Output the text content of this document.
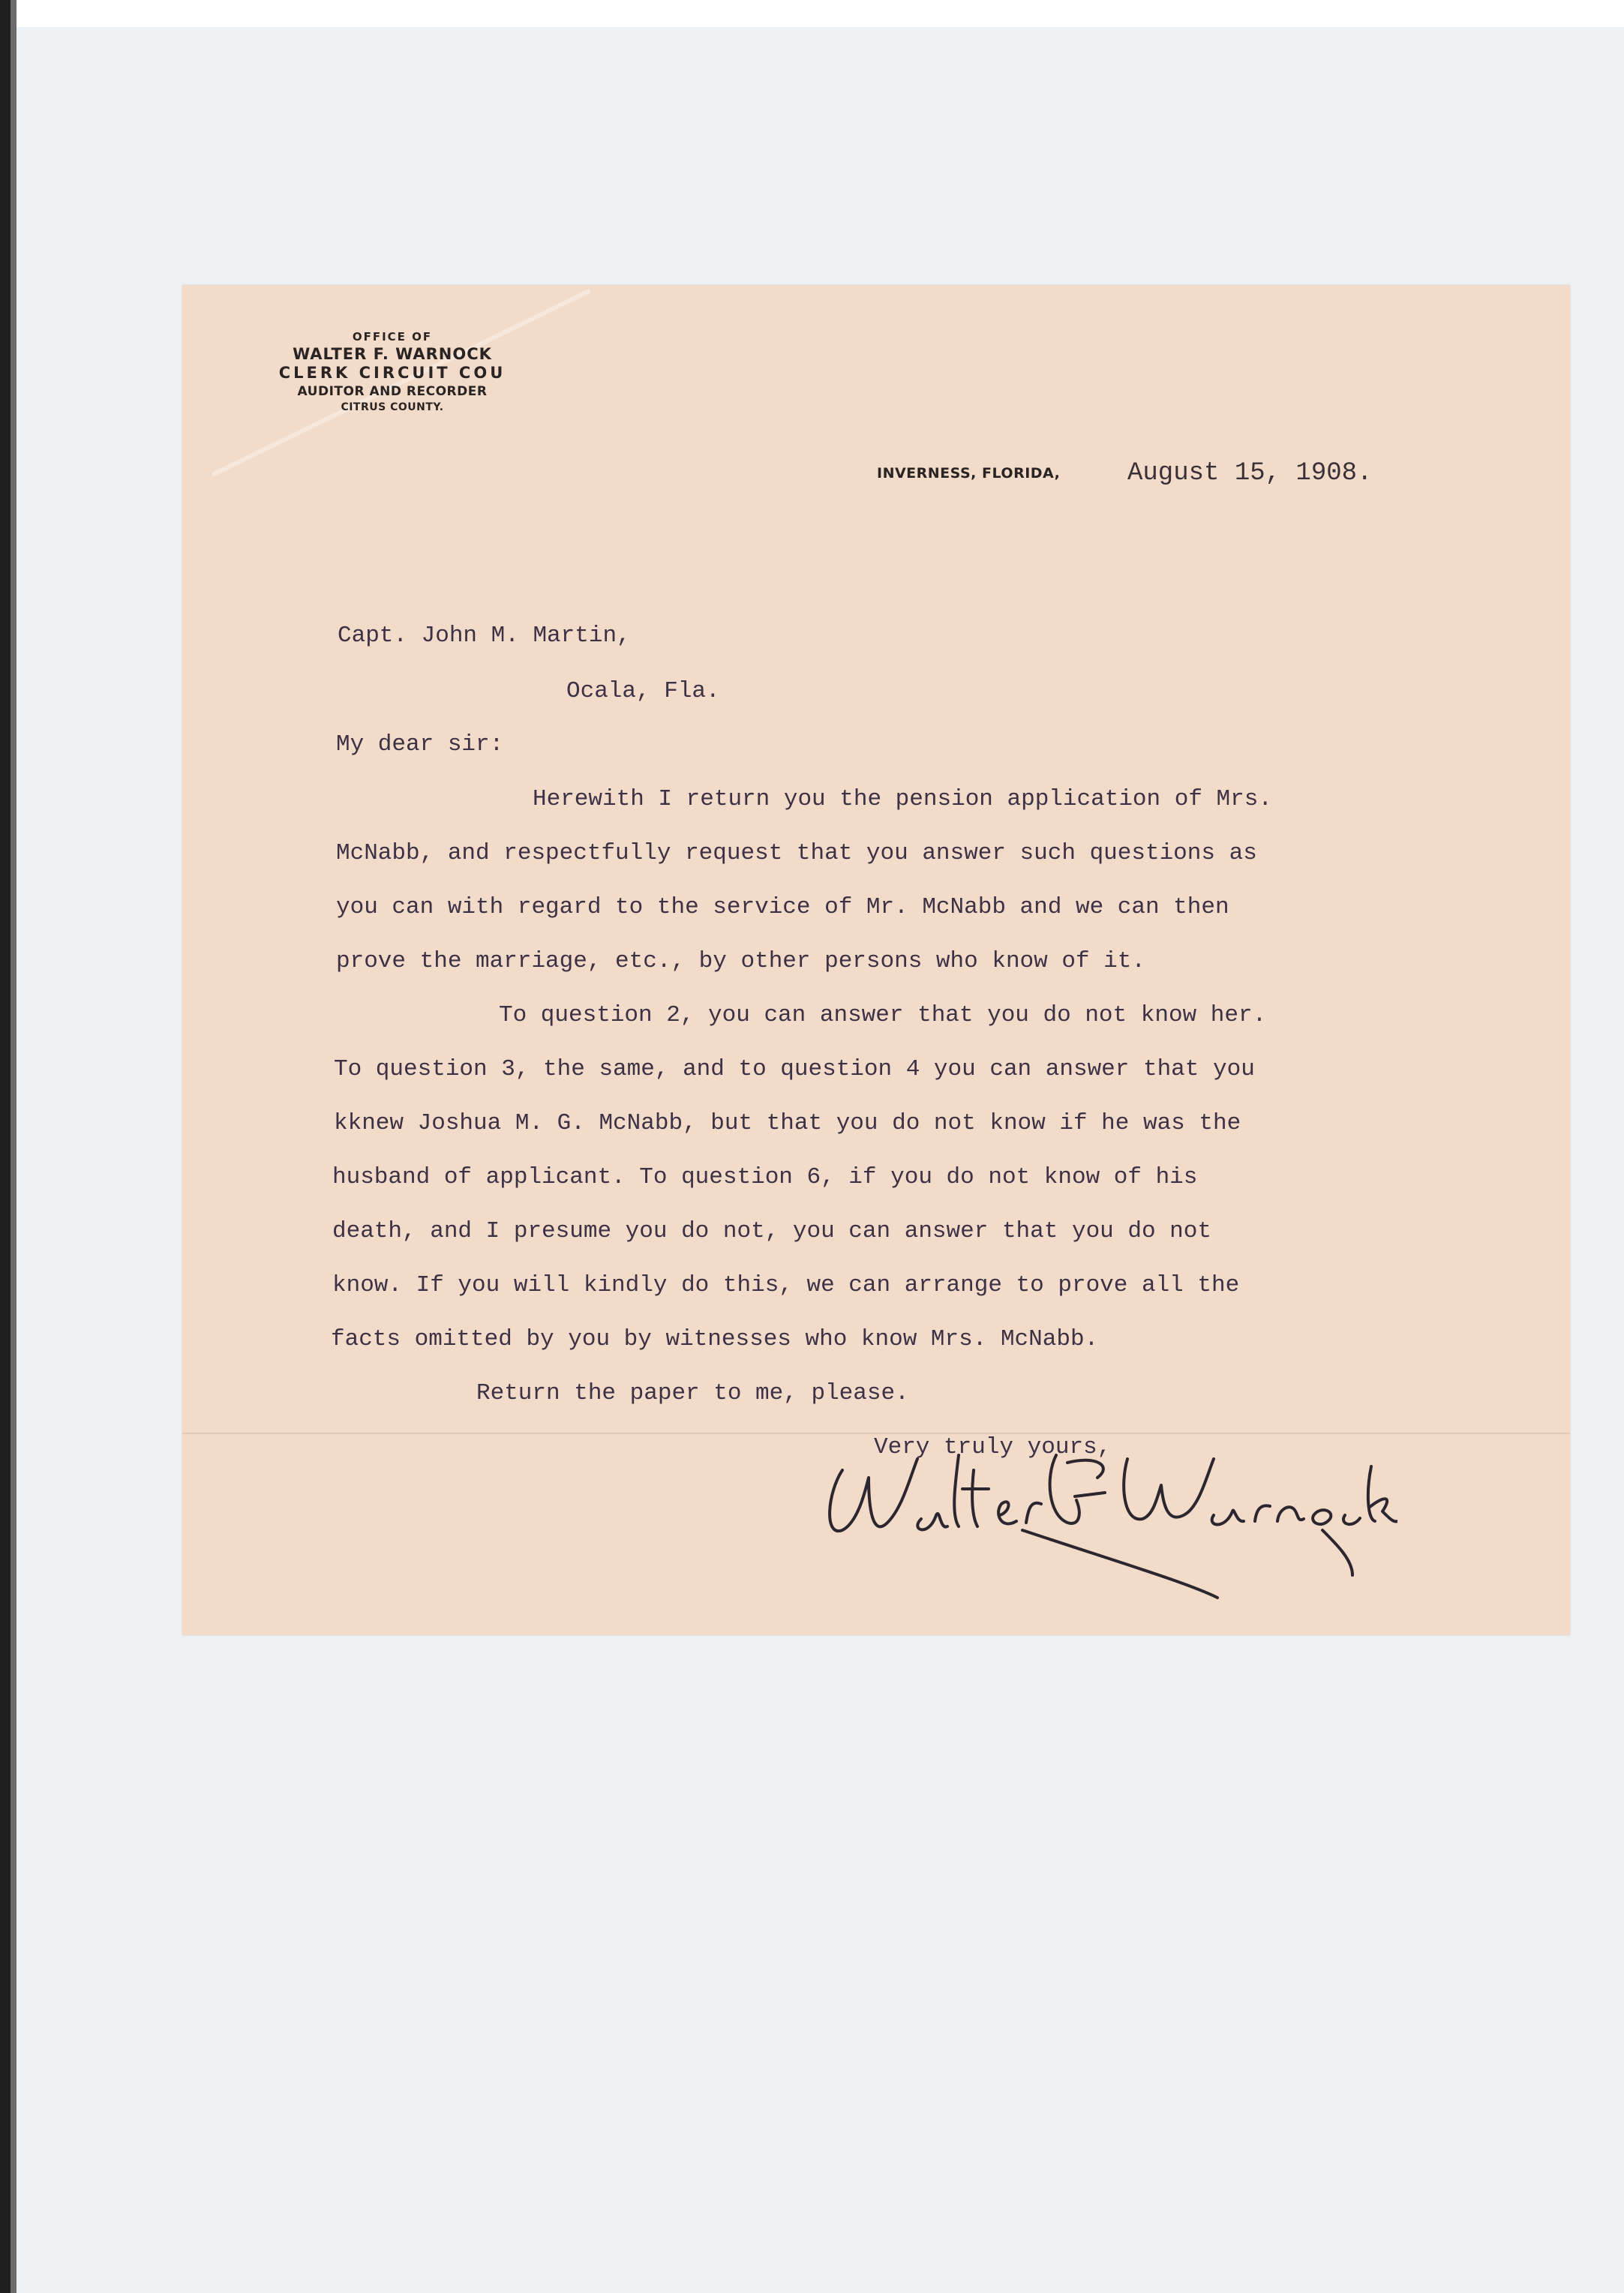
OFFICE OF
WALTER F. WARNOCK
CLERK CIRCUIT COU
AUDITOR AND RECORDER
CITRUS COUNTY.
INVERNESS, FLORIDA,	August 15, 1908.
Capt. John M. Martin,
Ocala, Fla.
My dear sir:
Herewith I return you the pension application of Mrs.
McNabb, and respectfully request that you answer such questions as
you can with regard to the service of Mr. McNabb and we can then
prove the marriage, etc., by other persons who know of it.
To question 2, you can answer that you do not know her.
To question 3, the same, and to question 4 you can answer that you
kknew Joshua M. G. McNabb, but that you do not know if he was the
husband of applicant. To question 6, if you do not know of his
death, and I presume you do not, you can answer that you do not
know. If you will kindly do this, we can arrange to prove all the
facts omitted by you by witnesses who know Mrs. McNabb.
Return the paper to me, please.
Very truly yours,
